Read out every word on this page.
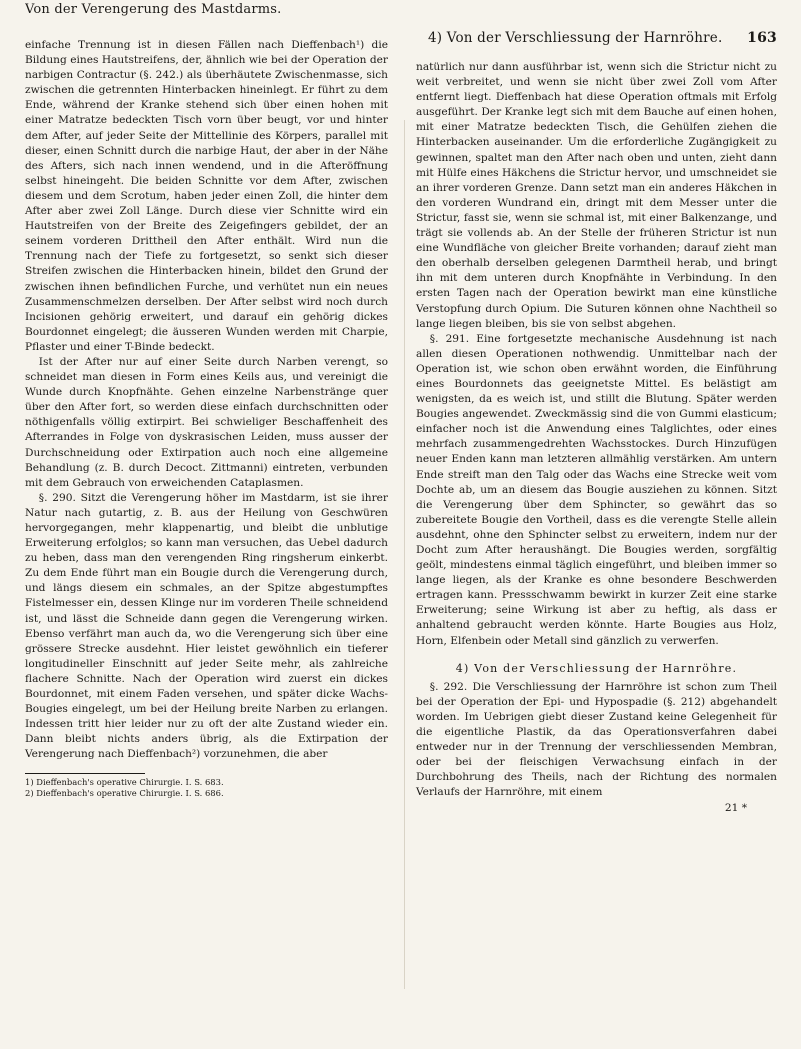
Von der Verengerung des Mastdarms.

einfache Trennung ist in diesen Fällen nach Dieffenbach¹) die Bildung eines Hautstreifens, der, ähnlich wie bei der Operation der narbigen Contractur (§. 242.) als überhäutete Zwischenmasse, sich zwischen die getrennten Hinterbacken hineinlegt. Er führt zu dem Ende, während der Kranke stehend sich über einen hohen mit einer Matratze bedeckten Tisch vorn über beugt, vor und hinter dem After, auf jeder Seite der Mittellinie des Körpers, parallel mit dieser, einen Schnitt durch die narbige Haut, der aber in der Nähe des Afters, sich nach innen wendend, und in die Afteröffnung selbst hineingeht. Die beiden Schnitte vor dem After, zwischen diesem und dem Scrotum, haben jeder einen Zoll, die hinter dem After aber zwei Zoll Länge. Durch diese vier Schnitte wird ein Hautstreifen von der Breite des Zeigefingers gebildet, der an seinem vorderen Drittheil den After enthält. Wird nun die Trennung nach der Tiefe zu fortgesetzt, so senkt sich dieser Streifen zwischen die Hinterbacken hinein, bildet den Grund der zwischen ihnen befindlichen Furche, und verhütet nun ein neues Zusammenschmelzen derselben. Der After selbst wird noch durch Incisionen gehörig erweitert, und darauf ein gehörig dickes Bourdonnet eingelegt; die äusseren Wunden werden mit Charpie, Pflaster und einer T-Binde bedeckt.

Ist der After nur auf einer Seite durch Narben verengt, so schneidet man diesen in Form eines Keils aus, und vereinigt die Wunde durch Knopfnähte. Gehen einzelne Narbenstränge quer über den After fort, so werden diese einfach durchschnitten oder nöthigenfalls völlig extirpirt. Bei schwieliger Beschaffenheit des Afterrandes in Folge von dyskrasischen Leiden, muss ausser der Durchschneidung oder Extirpation auch noch eine allgemeine Behandlung (z. B. durch Decoct. Zittmanni) eintreten, verbunden mit dem Gebrauch von erweichenden Cataplasmen.

§. 290. Sitzt die Verengerung höher im Mastdarm, ist sie ihrer Natur nach gutartig, z. B. aus der Heilung von Geschwüren hervorgegangen, mehr klappenartig, und bleibt die unblutige Erweiterung erfolglos; so kann man versuchen, das Uebel dadurch zu heben, dass man den verengenden Ring ringsherum einkerbt. Zu dem Ende führt man ein Bougie durch die Verengerung durch, und längs diesem ein schmales, an der Spitze abgestumpftes Fistelmesser ein, dessen Klinge nur im vorderen Theile schneidend ist, und lässt die Schneide dann gegen die Verengerung wirken. Ebenso verfährt man auch da, wo die Verengerung sich über eine grössere Strecke ausdehnt. Hier leistet gewöhnlich ein tieferer longitudineller Einschnitt auf jeder Seite mehr, als zahlreiche flachere Schnitte. Nach der Operation wird zuerst ein dickes Bourdonnet, mit einem Faden versehen, und später dicke Wachs-Bougies eingelegt, um bei der Heilung breite Narben zu erlangen. Indessen tritt hier leider nur zu oft der alte Zustand wieder ein. Dann bleibt nichts anders übrig, als die Extirpation der Verengerung nach Dieffenbach²) vorzunehmen, die aber

1) Dieffenbach's operative Chirurgie. I. S. 683.
2) Dieffenbach's operative Chirurgie. I. S. 686.
4) Von der Verschliessung der Harnröhre.	163

natürlich nur dann ausführbar ist, wenn sich die Strictur nicht zu weit verbreitet, und wenn sie nicht über zwei Zoll vom After entfernt liegt. Dieffenbach hat diese Operation oftmals mit Erfolg ausgeführt. Der Kranke legt sich mit dem Bauche auf einen hohen, mit einer Matratze bedeckten Tisch, die Gehülfen ziehen die Hinterbacken auseinander. Um die erforderliche Zugängigkeit zu gewinnen, spaltet man den After nach oben und unten, zieht dann mit Hülfe eines Häkchens die Strictur hervor, und umschneidet sie an ihrer vorderen Grenze. Dann setzt man ein anderes Häkchen in den vorderen Wundrand ein, dringt mit dem Messer unter die Strictur, fasst sie, wenn sie schmal ist, mit einer Balkenzange, und trägt sie vollends ab. An der Stelle der früheren Strictur ist nun eine Wundfläche von gleicher Breite vorhanden; darauf zieht man den oberhalb derselben gelegenen Darmtheil herab, und bringt ihn mit dem unteren durch Knopfnähte in Verbindung. In den ersten Tagen nach der Operation bewirkt man eine künstliche Verstopfung durch Opium. Die Suturen können ohne Nachtheil so lange liegen bleiben, bis sie von selbst abgehen.

§. 291. Eine fortgesetzte mechanische Ausdehnung ist nach allen diesen Operationen nothwendig. Unmittelbar nach der Operation ist, wie schon oben erwähnt worden, die Einführung eines Bourdonnets das geeignetste Mittel. Es belästigt am wenigsten, da es weich ist, und stillt die Blutung. Später werden Bougies angewendet. Zweckmässig sind die von Gummi elasticum; einfacher noch ist die Anwendung eines Talglichtes, oder eines mehrfach zusammengedrehten Wachsstockes. Durch Hinzufügen neuer Enden kann man letzteren allmählig verstärken. Am untern Ende streift man den Talg oder das Wachs eine Strecke weit vom Dochte ab, um an diesem das Bougie ausziehen zu können. Sitzt die Verengerung über dem Sphincter, so gewährt das so zubereitete Bougie den Vortheil, dass es die verengte Stelle allein ausdehnt, ohne den Sphincter selbst zu erweitern, indem nur der Docht zum After heraushängt. Die Bougies werden, sorgfältig geölt, mindestens einmal täglich eingeführt, und bleiben immer so lange liegen, als der Kranke es ohne besondere Beschwerden ertragen kann. Pressschwamm bewirkt in kurzer Zeit eine starke Erweiterung; seine Wirkung ist aber zu heftig, als dass er anhaltend gebraucht werden könnte. Harte Bougies aus Holz, Horn, Elfenbein oder Metall sind gänzlich zu verwerfen.

4) Von der Verschliessung der Harnröhre.

§. 292. Die Verschliessung der Harnröhre ist schon zum Theil bei der Operation der Epi- und Hypospadie (§. 212) abgehandelt worden. Im Uebrigen giebt dieser Zustand keine Gelegenheit für die eigentliche Plastik, da das Operationsverfahren dabei entweder nur in der Trennung der verschliessenden Membran, oder bei der fleischigen Verwachsung einfach in der Durchbohrung des Theils, nach der Richtung des normalen Verlaufs der Harnröhre, mit einem

21 *
